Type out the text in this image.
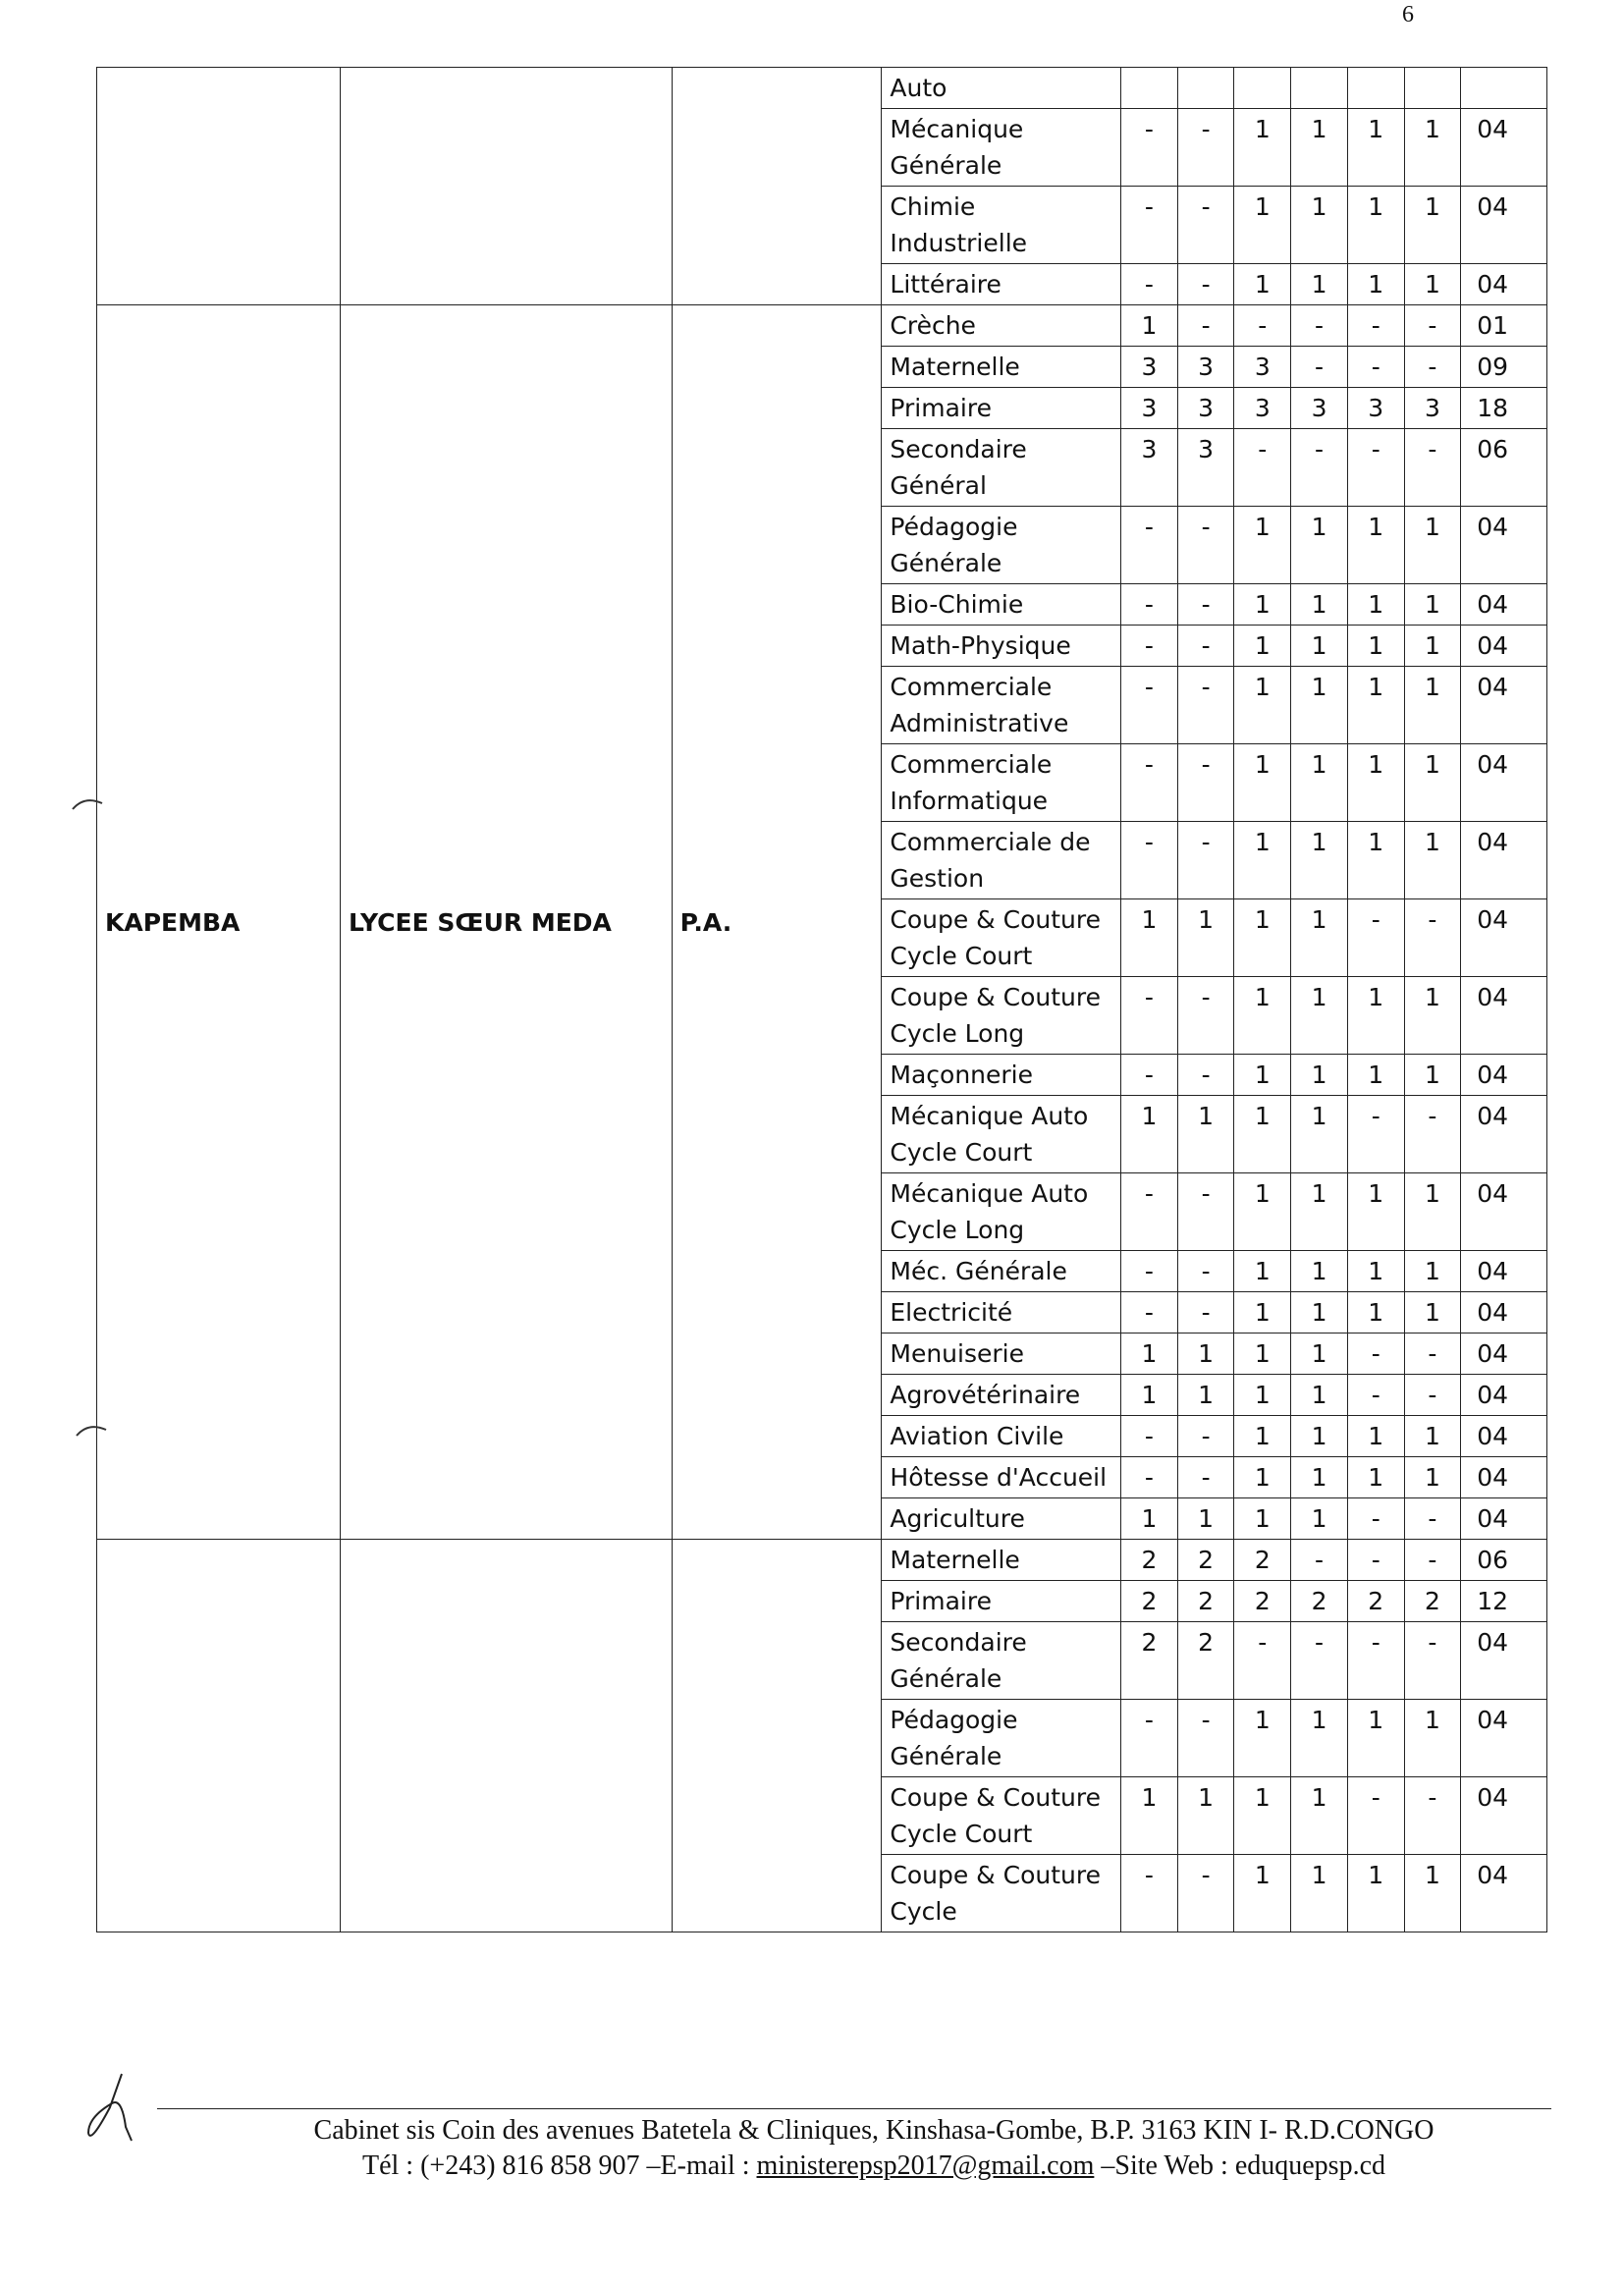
6
			Auto							
			Mécanique Générale	-	-	1	1	1	1	04
			Chimie Industrielle	-	-	1	1	1	1	04
			Littéraire	-	-	1	1	1	1	04
KAPEMBA	LYCEE SŒUR MEDA	P.A.	Crèche	1	-	-	-	-	-	01
			Maternelle	3	3	3	-	-	-	09
			Primaire	3	3	3	3	3	3	18
			Secondaire Général	3	3	-	-	-	-	06
			Pédagogie Générale	-	-	1	1	1	1	04
			Bio-Chimie	-	-	1	1	1	1	04
			Math-Physique	-	-	1	1	1	1	04
			Commerciale Administrative	-	-	1	1	1	1	04
			Commerciale Informatique	-	-	1	1	1	1	04
			Commerciale de Gestion	-	-	1	1	1	1	04
			Coupe & Couture Cycle Court	1	1	1	1	-	-	04
			Coupe & Couture Cycle Long	-	-	1	1	1	1	04
			Maçonnerie	-	-	1	1	1	1	04
			Mécanique Auto Cycle Court	1	1	1	1	-	-	04
			Mécanique Auto Cycle Long	-	-	1	1	1	1	04
			Méc. Générale	-	-	1	1	1	1	04
			Electricité	-	-	1	1	1	1	04
			Menuiserie	1	1	1	1	-	-	04
			Agrovétérinaire	1	1	1	1	-	-	04
			Aviation Civile	-	-	1	1	1	1	04
			Hôtesse d'Accueil	-	-	1	1	1	1	04
			Agriculture	1	1	1	1	-	-	04
			Maternelle	2	2	2	-	-	-	06
			Primaire	2	2	2	2	2	2	12
			Secondaire Générale	2	2	-	-	-	-	04
			Pédagogie Générale	-	-	1	1	1	1	04
			Coupe & Couture Cycle Court	1	1	1	1	-	-	04
			Coupe & Couture Cycle	-	-	1	1	1	1	04
Cabinet sis Coin des avenues Batetela & Cliniques, Kinshasa-Gombe, B.P. 3163 KIN I- R.D.CONGO
Tél : (+243) 816 858 907 –E-mail : ministerepsp2017@gmail.com –Site Web : eduquepsp.cd
